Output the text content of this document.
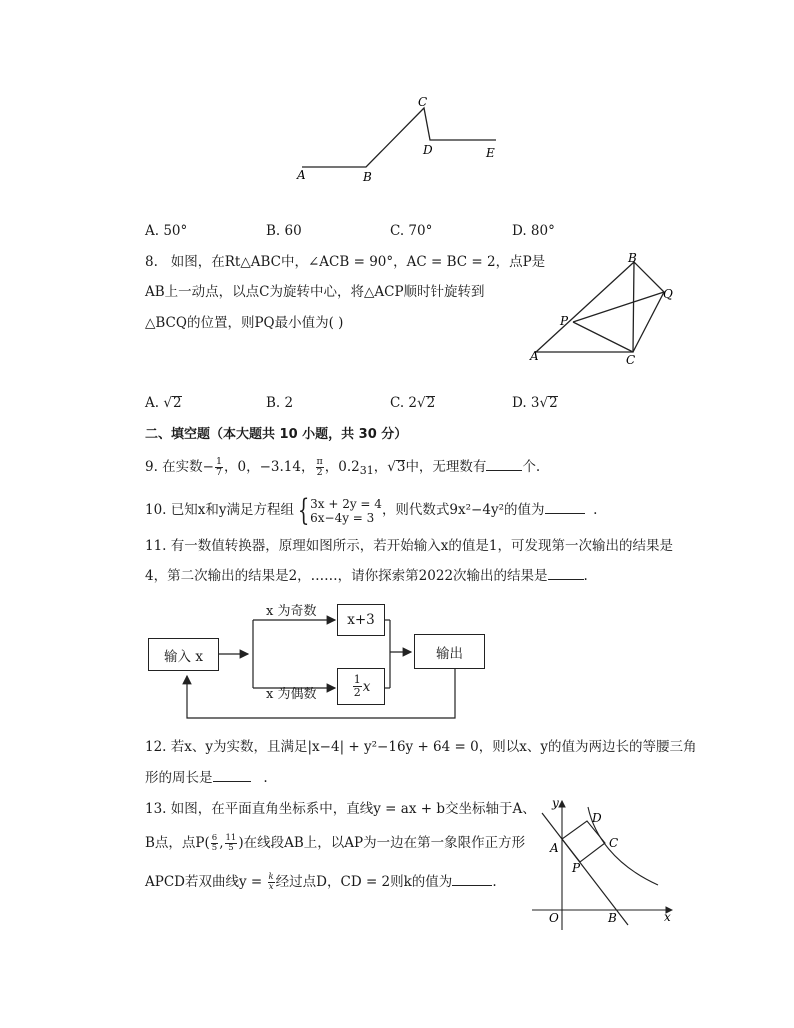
A	B
C
D	E
A. 50°	B. 60	C. 70°	D. 80°
8. 如图，在Rt△ABC中，∠ACB = 90°，AC = BC = 2，点P是
AB上一动点，以点C为旋转中心，将△ACP顺时针旋转到
△BCQ的位置，则PQ最小值为( )
B
Q
P
A	C
A. √2	B. 2	C. 2√2	D. 3√2
二、填空题（本大题共 10 小题，共 30 分）
9. 在实数− $\frac{1}{7}$ ，0，−3.14， $\frac{\pi}{2}$ ，$0.2_{31}$，√3中，无理数有	个.
10. 已知x和y满足方程组 { 3x + 2y = 4
6x−4y = 3 ，则代数式9x²−4y²的值为	.
11. 有一数值转换器，原理如图所示，若开始输入x的值是1，可发现第一次输出的结果是
4，第二次输出的结果是2，……，请你探索第2022次输出的结果是	.
输入 x
x+3
$\frac{1}{2}$ x
输出
x 为奇数
x 为偶数
12. 若x、y为实数，且满足|x−4| + y²−16y + 64 = 0，则以x、y的值为两边长的等腰三角
形的周长是	.
13. 如图，在平面直角坐标系中，直线y = ax + b交坐标轴于A、
B点，点$P( \frac{6}{5}$ , $\frac{11}{5}$ )在线段AB上，以AP为一边在第一象限作正方形
APCD若双曲线$y = \frac{k}{x}$ 经过点D，CD = 2则k的值为	.
y
D
C
A
P
O	B	x
